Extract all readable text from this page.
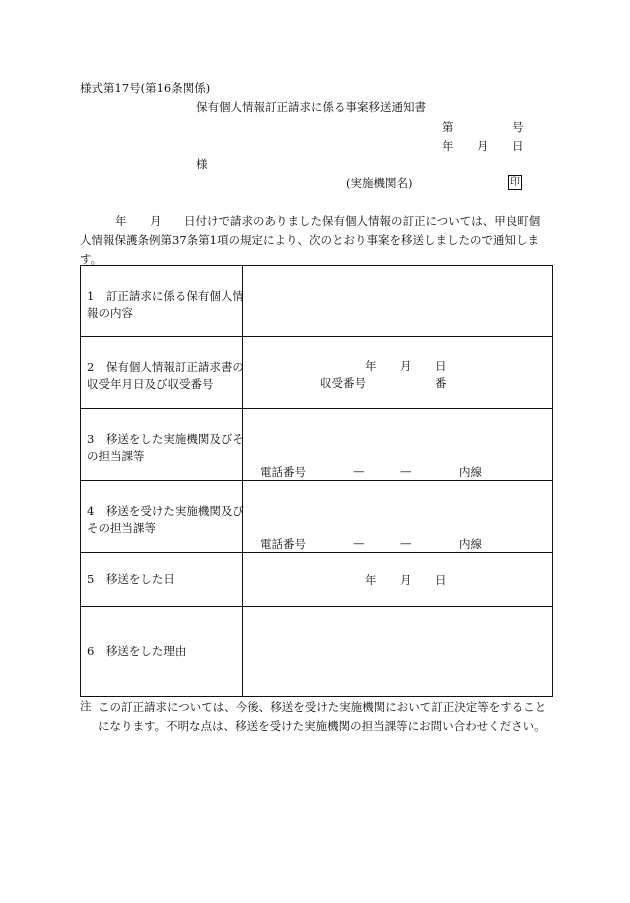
様式第17号(第16条関係)
保有個人情報訂正請求に係る事案移送通知書
第	号
年 月 日
様
(実施機関名)	印
年 月 日付けで請求のありました保有個人情報の訂正については、甲良町個
人情報保護条例第37条第1項の規定により、次のとおり事案を移送しましたので通知します。
1　訂正請求に係る保有個人情報の内容	

2　保有個人情報訂正請求書の収受年月日及び収受番号	年 月 日
収受番号 番

3　移送をした実施機関及びその担当課等	電話番号 — — 内線

4　移送を受けた実施機関及びその担当課等	電話番号 — — 内線

5　移送をした日	年 月 日

6　移送をした理由	

注 この訂正請求については、今後、移送を受けた実施機関において訂正決定等をすることになります。不明な点は、移送を受けた実施機関の担当課等にお問い合わせください。
